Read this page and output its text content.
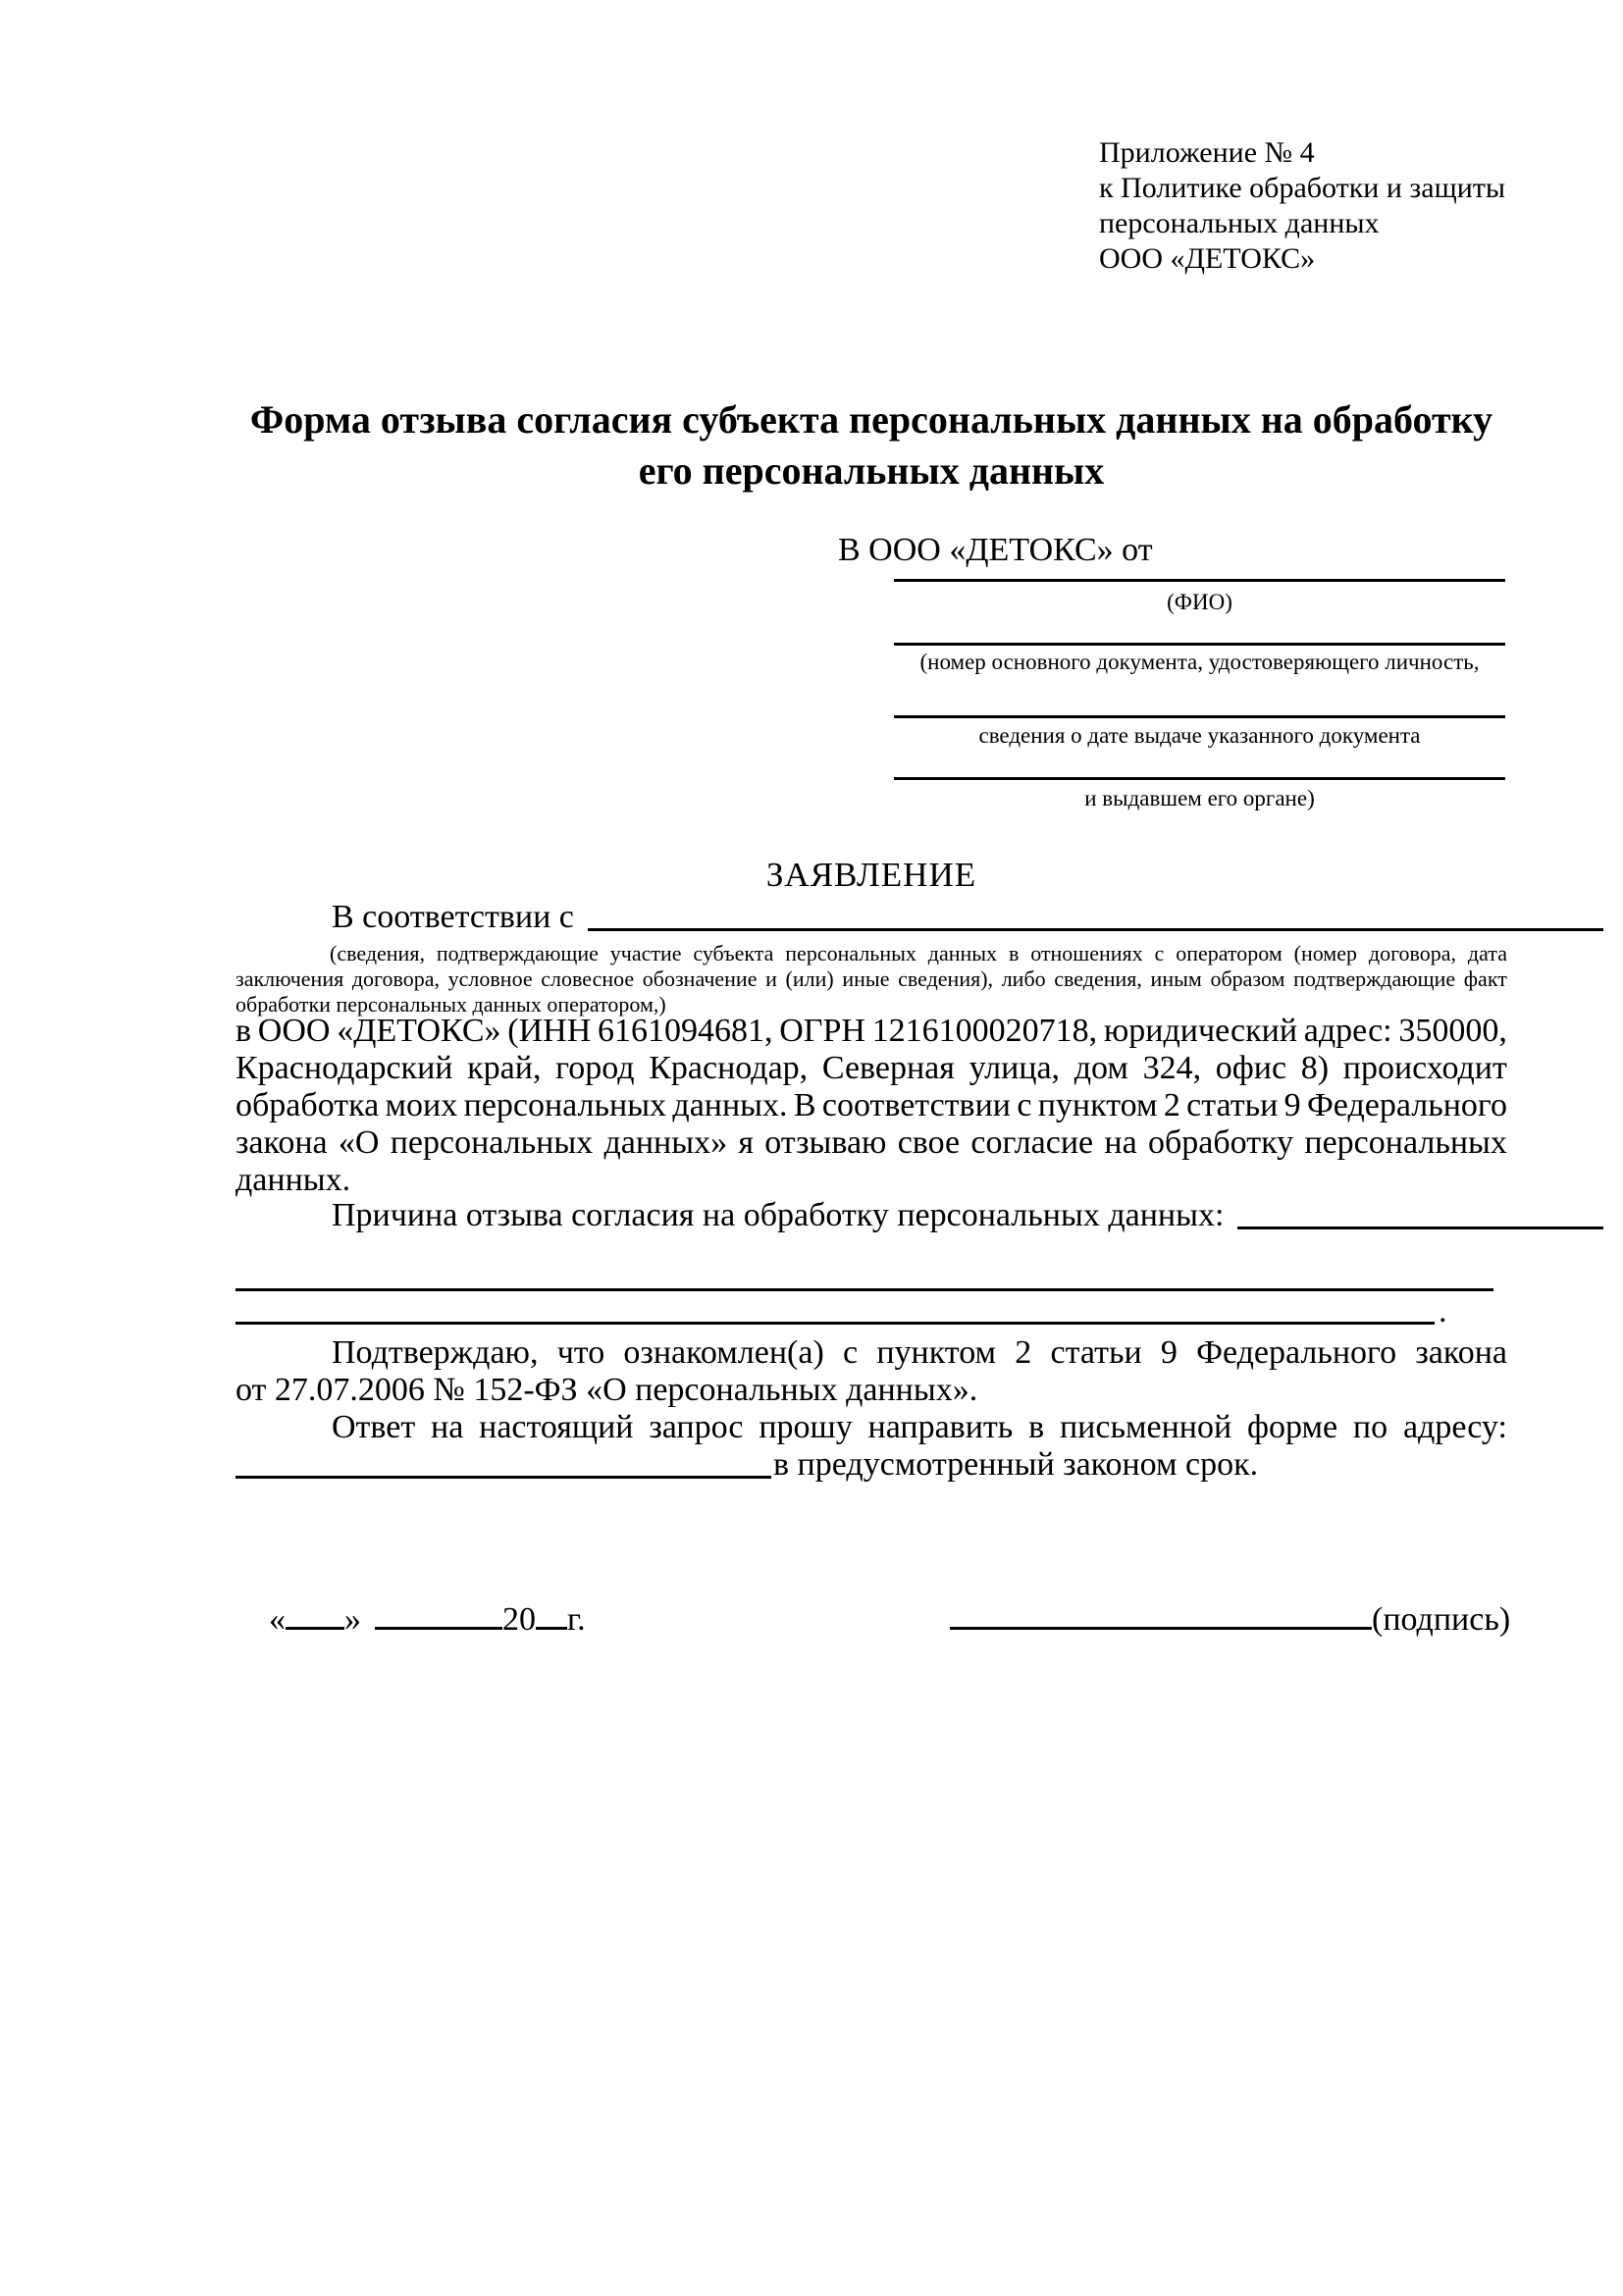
Приложение № 4
к Политике обработки и защиты
персональных данных
ООО «ДЕТОКС»
Форма отзыва согласия субъекта персональных данных на обработку
его персональных данных
В ООО «ДЕТОКС» от
(ФИО)
(номер основного документа, удостоверяющего личность,
сведения о дате выдаче указанного документа
и выдавшем его органе)
ЗАЯВЛЕНИЕ
В соответствии с
(сведения, подтверждающие участие субъекта персональных данных в отношениях с оператором (номер договора, дата
заключения договора, условное словесное обозначение и (или) иные сведения), либо сведения, иным образом подтверждающие факт
обработки персональных данных оператором,)
в ООО «ДЕТОКС» (ИНН 6161094681, ОГРН 1216100020718, юридический адрес: 350000,
Краснодарский край, город Краснодар, Северная улица, дом 324, офис 8) происходит
обработка моих персональных данных. В соответствии с пунктом 2 статьи 9 Федерального
закона «О персональных данных» я отзываю свое согласие на обработку персональных
данных.
Причина отзыва согласия на обработку персональных данных:
.
Подтверждаю, что ознакомлен(а) с пунктом 2 статьи 9 Федерального закона
от 27.07.2006 № 152-ФЗ «О персональных данных».
Ответ на настоящий запрос прошу направить в письменной форме по адресу:
в предусмотренный законом срок.

« »	20 г.
	(подпись)
